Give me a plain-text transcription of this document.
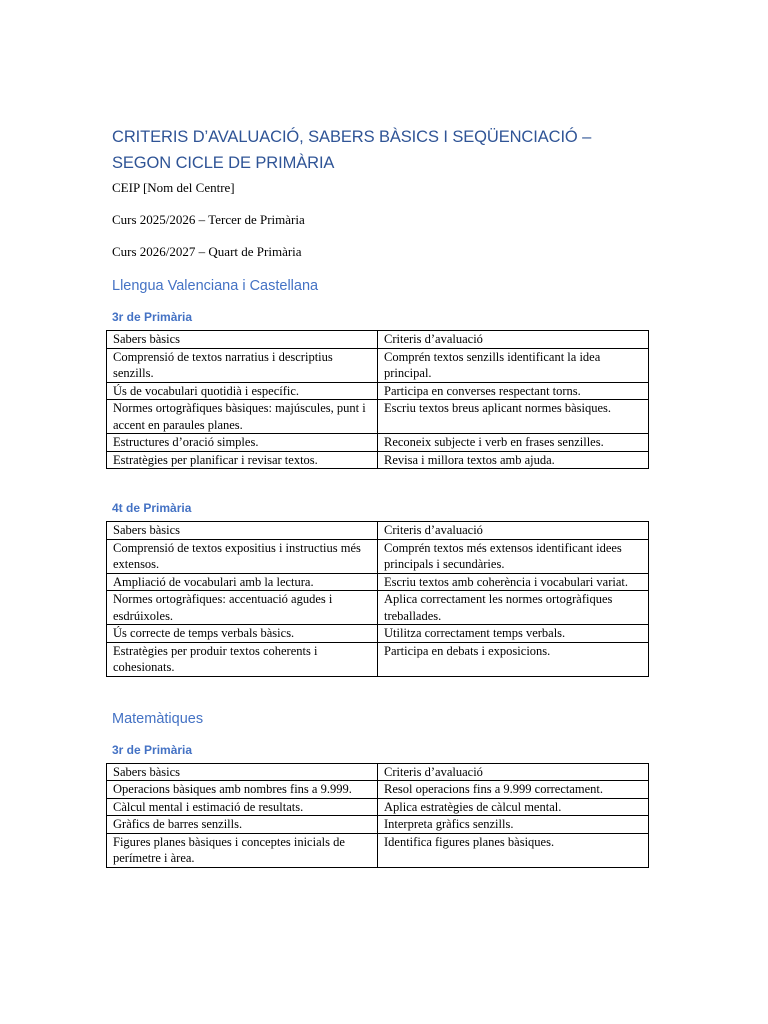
CRITERIS D’AVALUACIÓ, SABERS BÀSICS I SEQÜENCIACIÓ – SEGON CICLE DE PRIMÀRIA
CEIP [Nom del Centre]
Curs 2025/2026 – Tercer de Primària
Curs 2026/2027 – Quart de Primària
Llengua Valenciana i Castellana
3r de Primària
Sabers bàsics	Criteris d’avaluació
Comprensió de textos narratius i descriptius senzills.	Comprén textos senzills identificant la idea principal.
Ús de vocabulari quotidià i específic.	Participa en converses respectant torns.
Normes ortogràfiques bàsiques: majúscules, punt i accent en paraules planes.	Escriu textos breus aplicant normes bàsiques.
Estructures d’oració simples.	Reconeix subjecte i verb en frases senzilles.
Estratègies per planificar i revisar textos.	Revisa i millora textos amb ajuda.
4t de Primària
Sabers bàsics	Criteris d’avaluació
Comprensió de textos expositius i instructius més extensos.	Comprén textos més extensos identificant idees principals i secundàries.
Ampliació de vocabulari amb la lectura.	Escriu textos amb coherència i vocabulari variat.
Normes ortogràfiques: accentuació agudes i esdrúixoles.	Aplica correctament les normes ortogràfiques treballades.
Ús correcte de temps verbals bàsics.	Utilitza correctament temps verbals.
Estratègies per produir textos coherents i cohesionats.	Participa en debats i exposicions.
Matemàtiques
3r de Primària
Sabers bàsics	Criteris d’avaluació
Operacions bàsiques amb nombres fins a 9.999.	Resol operacions fins a 9.999 correctament.
Càlcul mental i estimació de resultats.	Aplica estratègies de càlcul mental.
Gràfics de barres senzills.	Interpreta gràfics senzills.
Figures planes bàsiques i conceptes inicials de perímetre i àrea.	Identifica figures planes bàsiques.
